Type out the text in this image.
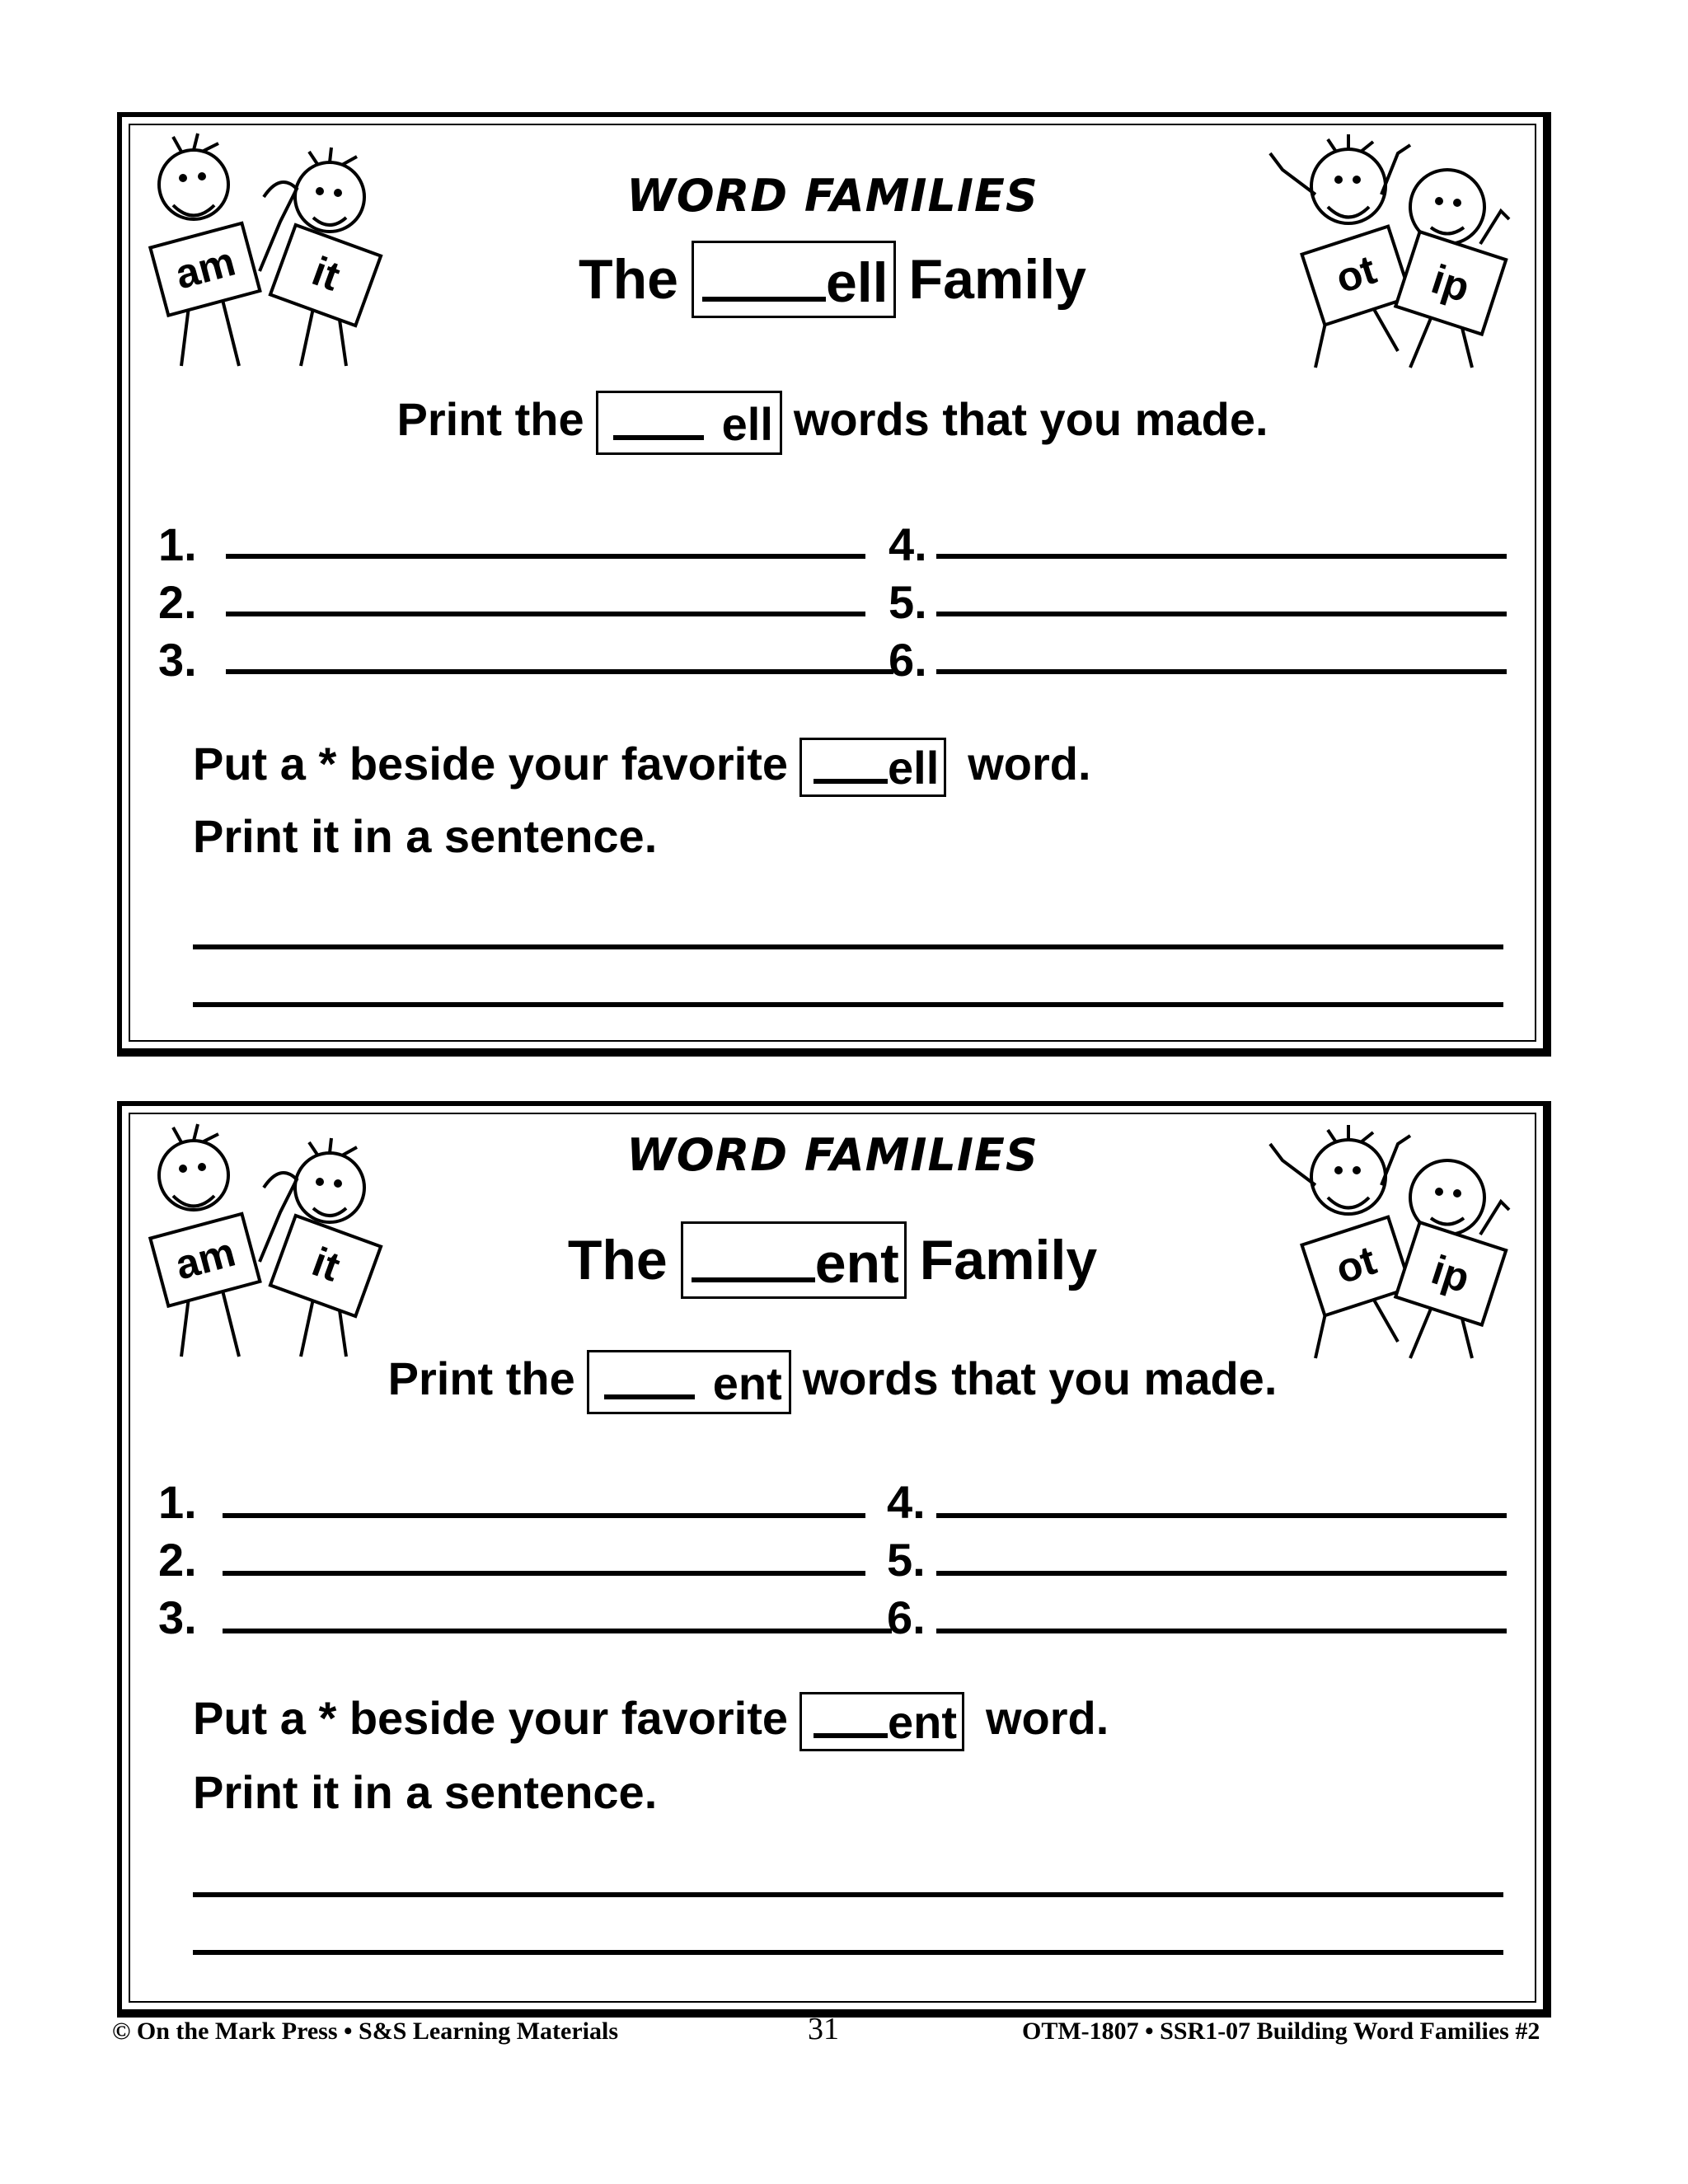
am it	ot ip
WORD FAMILIES
The	ell Family
Print the	ell words that you made.
1.
2.
3.
4.
5.
6.
Put a * beside your favorite ell word.
Print it in a sentence.
am it	ot ip
WORD FAMILIES
The	ent Family
Print the	ent words that you made.
1.
2.
3.
4.
5.
6.
Put a * beside your favorite ent word.
Print it in a sentence.
© On the Mark Press • S&S Learning Materials	31	OTM-1807 • SSR1-07 Building Word Families #2
